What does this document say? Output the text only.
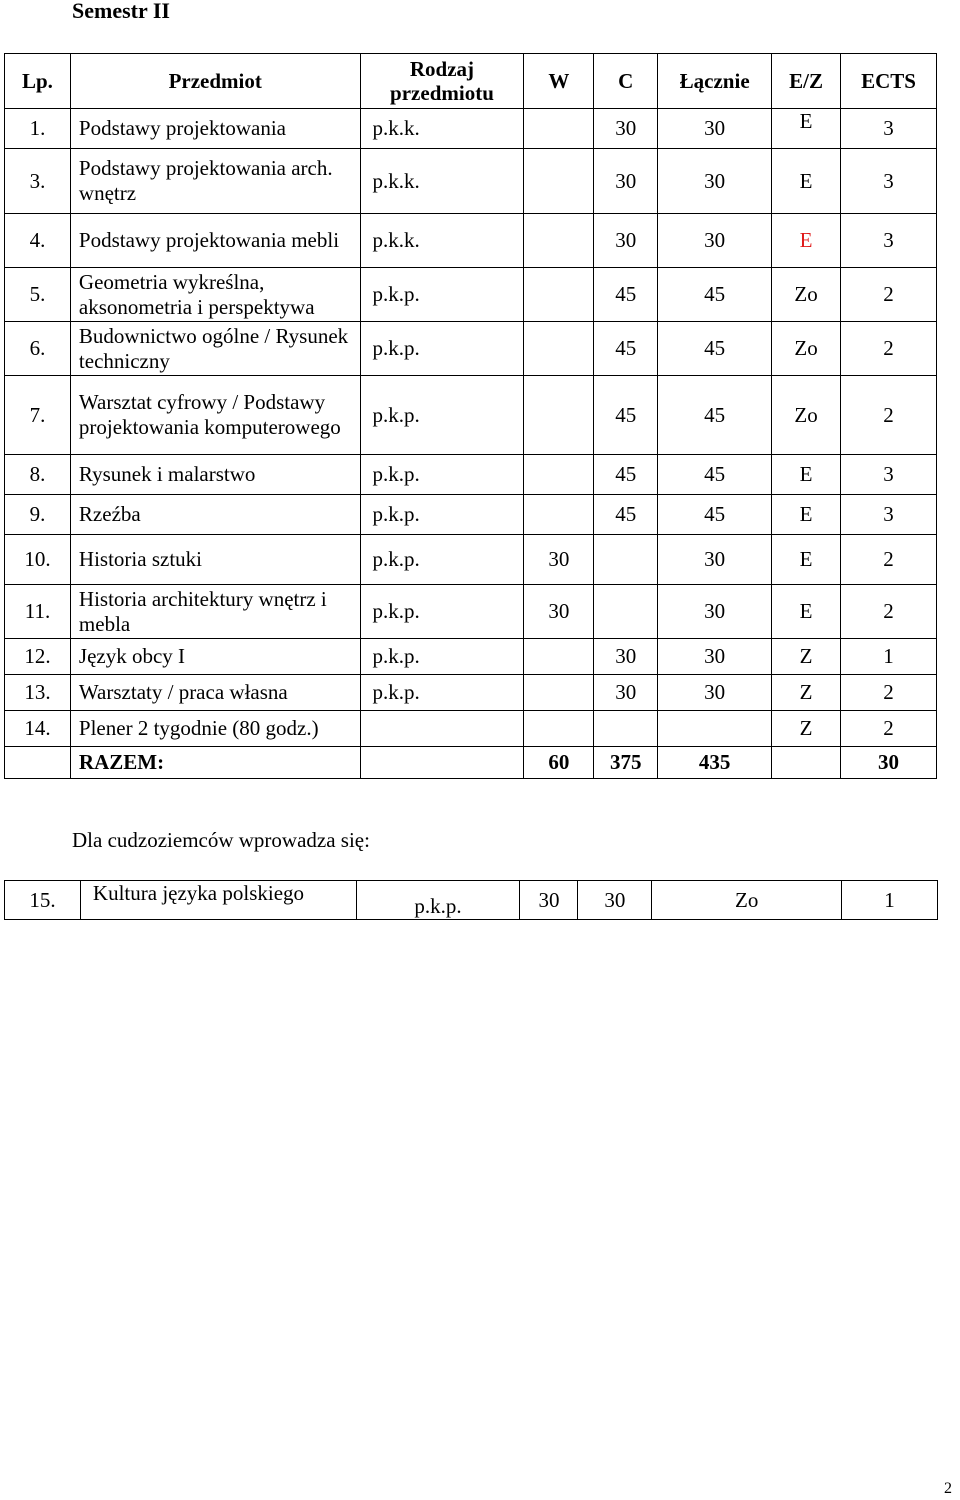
Semestr II
Lp.	Przedmiot	Rodzaj przedmiotu	W	C	Łącznie	E/Z	ECTS
1.	Podstawy projektowania	p.k.k.		30	30	E	3
3.	Podstawy projektowania arch. wnętrz	p.k.k.		30	30	E	3
4.	Podstawy projektowania mebli	p.k.k.		30	30	E	3
5.	Geometria wykreślna, aksonometria i perspektywa	p.k.p.		45	45	Zo	2
6.	Budownictwo ogólne / Rysunek techniczny	p.k.p.		45	45	Zo	2
7.	Warsztat cyfrowy / Podstawy projektowania komputerowego	p.k.p.		45	45	Zo	2
8.	Rysunek i malarstwo	p.k.p.		45	45	E	3
9.	Rzeźba	p.k.p.		45	45	E	3
10.	Historia sztuki	p.k.p.	30		30	E	2
11.	Historia architektury wnętrz i mebla	p.k.p.	30		30	E	2
12.	Język obcy I	p.k.p.		30	30	Z	1
13.	Warsztaty / praca własna	p.k.p.		30	30	Z	2
14.	Plener 2 tygodnie (80 godz.)					Z	2
	RAZEM:		60	375	435		30
Dla cudzoziemców wprowadza się:
15.	Kultura języka polskiego	p.k.p.	30	30	Zo	1
2
